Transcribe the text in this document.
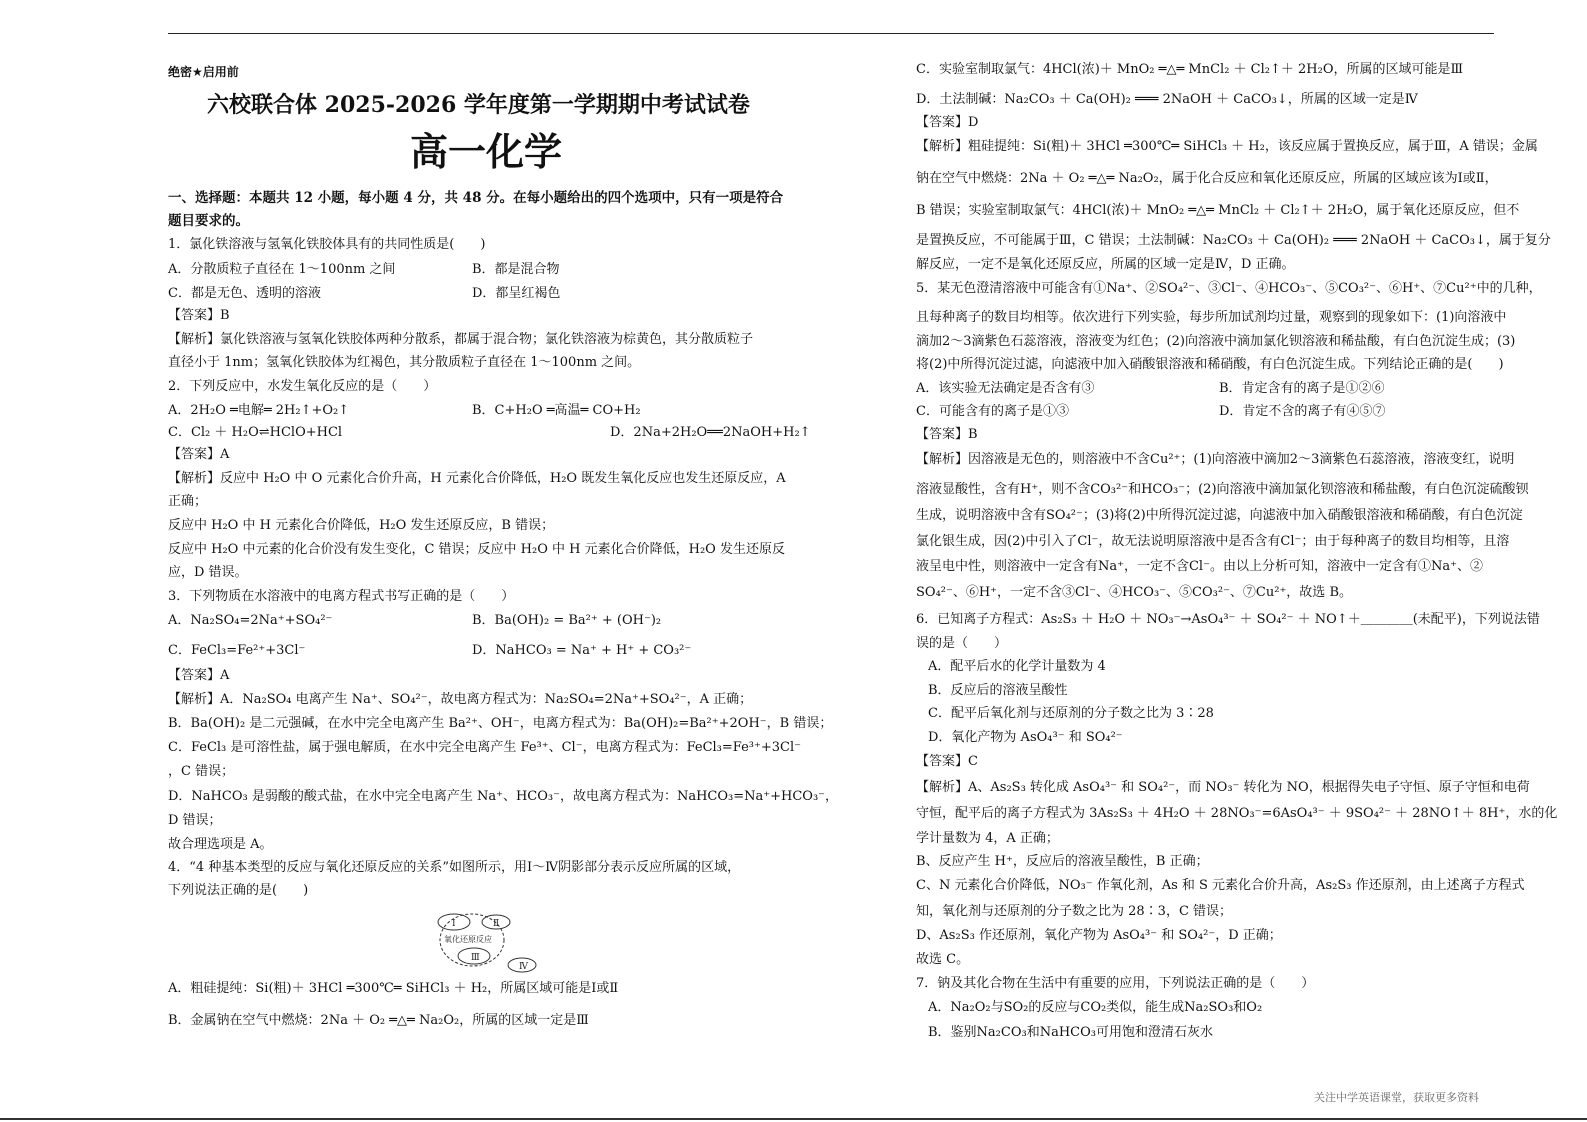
绝密★启用前
六校联合体 2025-2026 学年度第一学期期中考试试卷
高一化学
一、选择题：本题共 12 小题，每小题 4 分，共 48 分。在每小题给出的四个选项中，只有一项是符合
题目要求的。
1．氯化铁溶液与氢氧化铁胶体具有的共同性质是(　　)
A．分散质粒子直径在 1～100nm 之间	B．都是混合物
C．都是无色、透明的溶液	D．都呈红褐色
【答案】B
【解析】氯化铁溶液与氢氧化铁胶体两种分散系，都属于混合物；氯化铁溶液为棕黄色，其分散质粒子
直径小于 1nm；氢氧化铁胶体为红褐色，其分散质粒子直径在 1～100nm 之间。
2．下列反应中，水发生氧化反应的是（　　）
A．2H₂O ═电解═ 2H₂↑+O₂↑	B．C+H₂O ═高温═ CO+H₂
C．Cl₂ ＋ H₂O⇌HClO+HCl	D．2Na+2H₂O══2NaOH+H₂↑
【答案】A
【解析】反应中 H₂O 中 O 元素化合价升高，H 元素化合价降低，H₂O 既发生氧化反应也发生还原反应，A
正确；
反应中 H₂O 中 H 元素化合价降低，H₂O 发生还原反应，B 错误；
反应中 H₂O 中元素的化合价没有发生变化，C 错误；反应中 H₂O 中 H 元素化合价降低，H₂O 发生还原反
应，D 错误。
3．下列物质在水溶液中的电离方程式书写正确的是（　　）
A．Na₂SO₄=2Na⁺+SO₄²⁻	B．Ba(OH)₂ = Ba²⁺ + (OH⁻)₂
C．FeCl₃=Fe²⁺+3Cl⁻	D．NaHCO₃ = Na⁺ + H⁺ + CO₃²⁻
【答案】A
【解析】A．Na₂SO₄ 电离产生 Na⁺、SO₄²⁻，故电离方程式为：Na₂SO₄=2Na⁺+SO₄²⁻，A 正确；
B．Ba(OH)₂ 是二元强碱，在水中完全电离产生 Ba²⁺、OH⁻，电离方程式为：Ba(OH)₂=Ba²⁺+2OH⁻，B 错误；
C．FeCl₃ 是可溶性盐，属于强电解质，在水中完全电离产生 Fe³⁺、Cl⁻，电离方程式为：FeCl₃=Fe³⁺+3Cl⁻
，C 错误；
D．NaHCO₃ 是弱酸的酸式盐，在水中完全电离产生 Na⁺、HCO₃⁻，故电离方程式为：NaHCO₃=Na⁺+HCO₃⁻，
D 错误；
故合理选项是 A。
4．“4 种基本类型的反应与氧化还原反应的关系”如图所示，用Ⅰ～Ⅳ阴影部分表示反应所属的区域，
下列说法正确的是(　　)
Ⅰ	Ⅱ
Ⅲ
Ⅳ
氧化还原反应
A．粗硅提纯：Si(粗)＋ 3HCl ═300℃═ SiHCl₃ ＋ H₂，所属区域可能是Ⅰ或Ⅱ
B．金属钠在空气中燃烧：2Na ＋ O₂ ═△═ Na₂O₂，所属的区域一定是Ⅲ
C．实验室制取氯气：4HCl(浓)＋ MnO₂ ═△═ MnCl₂ ＋ Cl₂↑＋ 2H₂O，所属的区域可能是Ⅲ
D．土法制碱：Na₂CO₃ ＋ Ca(OH)₂ ═══ 2NaOH ＋ CaCO₃↓，所属的区域一定是Ⅳ
【答案】D
【解析】粗硅提纯：Si(粗)＋ 3HCl ═300℃═ SiHCl₃ ＋ H₂，该反应属于置换反应，属于Ⅲ，A 错误；金属
钠在空气中燃烧：2Na ＋ O₂ ═△═ Na₂O₂，属于化合反应和氧化还原反应，所属的区域应该为Ⅰ或Ⅱ，
B 错误；实验室制取氯气：4HCl(浓)＋ MnO₂ ═△═ MnCl₂ ＋ Cl₂↑＋ 2H₂O，属于氧化还原反应，但不
是置换反应，不可能属于Ⅲ，C 错误；土法制碱：Na₂CO₃ ＋ Ca(OH)₂ ═══ 2NaOH ＋ CaCO₃↓，属于复分
解反应，一定不是氧化还原反应，所属的区域一定是Ⅳ，D 正确。
5．某无色澄清溶液中可能含有①Na⁺、②SO₄²⁻、③Cl⁻、④HCO₃⁻、⑤CO₃²⁻、⑥H⁺、⑦Cu²⁺中的几种，
且每种离子的数目均相等。依次进行下列实验，每步所加试剂均过量，观察到的现象如下：(1)向溶液中
滴加2～3滴紫色石蕊溶液，溶液变为红色；(2)向溶液中滴加氯化钡溶液和稀盐酸，有白色沉淀生成；(3)
将(2)中所得沉淀过滤，向滤液中加入硝酸银溶液和稀硝酸，有白色沉淀生成。下列结论正确的是(　　)
A．该实验无法确定是否含有③	B．肯定含有的离子是①②⑥
C．可能含有的离子是①③	D．肯定不含的离子有④⑤⑦
【答案】B
【解析】因溶液是无色的，则溶液中不含Cu²⁺；(1)向溶液中滴加2～3滴紫色石蕊溶液，溶液变红，说明
溶液显酸性，含有H⁺，则不含CO₃²⁻和HCO₃⁻；(2)向溶液中滴加氯化钡溶液和稀盐酸，有白色沉淀硫酸钡
生成，说明溶液中含有SO₄²⁻；(3)将(2)中所得沉淀过滤，向滤液中加入硝酸银溶液和稀硝酸，有白色沉淀
氯化银生成，因(2)中引入了Cl⁻，故无法说明原溶液中是否含有Cl⁻；由于每种离子的数目均相等，且溶
液呈电中性，则溶液中一定含有Na⁺，一定不含Cl⁻。由以上分析可知，溶液中一定含有①Na⁺、②
SO₄²⁻、⑥H⁺，一定不含③Cl⁻、④HCO₃⁻、⑤CO₃²⁻、⑦Cu²⁺，故选 B。
6．已知离子方程式：As₂S₃ ＋ H₂O ＋ NO₃⁻→AsO₄³⁻ ＋ SO₄²⁻ ＋ NO↑＋＿＿＿＿(未配平)，下列说法错
误的是（　　）
A．配平后水的化学计量数为 4
B．反应后的溶液呈酸性
C．配平后氧化剂与还原剂的分子数之比为 3∶28
D．氧化产物为 AsO₄³⁻ 和 SO₄²⁻
【答案】C
【解析】A、As₂S₃ 转化成 AsO₄³⁻ 和 SO₄²⁻，而 NO₃⁻ 转化为 NO，根据得失电子守恒、原子守恒和电荷
守恒，配平后的离子方程式为 3As₂S₃ ＋ 4H₂O ＋ 28NO₃⁻=6AsO₄³⁻ ＋ 9SO₄²⁻ ＋ 28NO↑＋ 8H⁺，水的化
学计量数为 4，A 正确；
B、反应产生 H⁺，反应后的溶液呈酸性，B 正确；
C、N 元素化合价降低，NO₃⁻ 作氧化剂，As 和 S 元素化合价升高，As₂S₃ 作还原剂，由上述离子方程式
知，氧化剂与还原剂的分子数之比为 28∶3，C 错误；
D、As₂S₃ 作还原剂，氧化产物为 AsO₄³⁻ 和 SO₄²⁻，D 正确；
故选 C。
7．钠及其化合物在生活中有重要的应用，下列说法正确的是（　　）
A．Na₂O₂与SO₂的反应与CO₂类似，能生成Na₂SO₃和O₂
B．鉴别Na₂CO₃和NaHCO₃可用饱和澄清石灰水
关注中学英语课堂，获取更多资料
